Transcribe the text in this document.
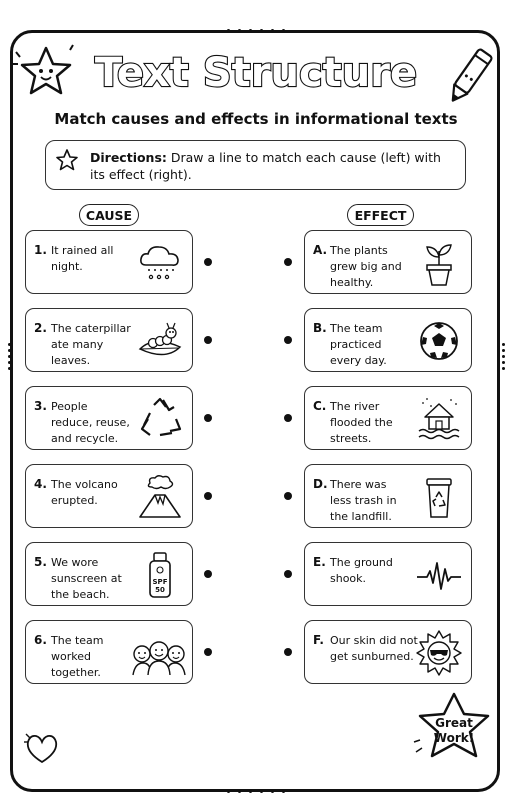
Text Structure
Match causes and effects in informational texts
Directions: Draw a line to match each cause (left) with its effect (right).
CAUSE	EFFECT
1. It rained all night.
2. The caterpillar ate many leaves.
3. People reduce, reuse, and recycle.
4. The volcano erupted.
5. We wore sunscreen at the beach.
SPF
50
6. The team worked together.
A. The plants grew big and healthy.
B. The team practiced every day.
C. The river flooded the streets.
D. There was less trash in the landfill.
E. The ground shook.
F. Our skin did not get sunburned.
Great
Work!
